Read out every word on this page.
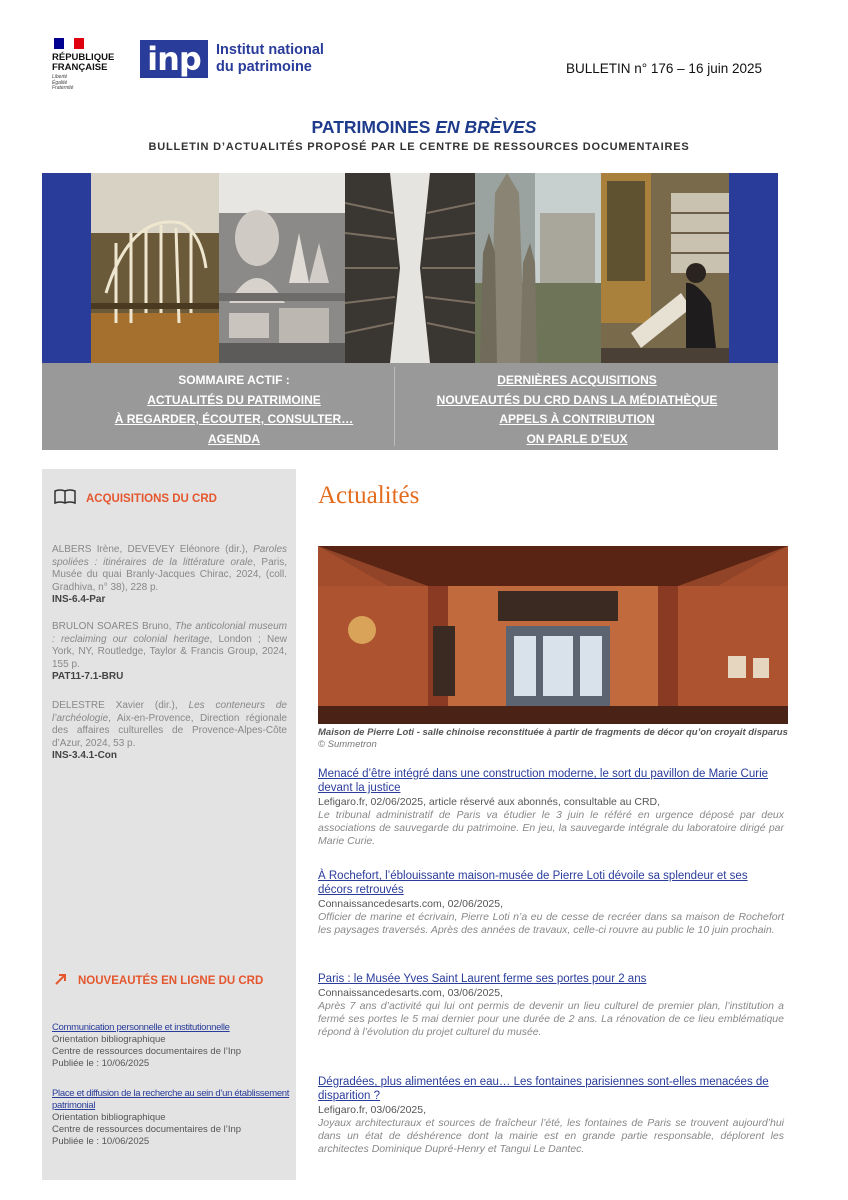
RÉPUBLIQUE
FRANÇAISE
Liberté
Égalité
Fraternité
inp	Institut national
du patrimoine	BULLETIN n° 176 – 16 juin 2025
PATRIMOINES EN BRÈVES
BULLETIN D’ACTUALITÉS PROPOSÉ PAR LE CENTRE DE RESSOURCES DOCUMENTAIRES
SOMMAIRE ACTIF :
ACTUALITÉS DU PATRIMOINE
À REGARDER, ÉCOUTER, CONSULTER…
AGENDA
DERNIÈRES ACQUISITIONS
NOUVEAUTÉS DU CRD DANS LA MÉDIATHÈQUE
APPELS À CONTRIBUTION
ON PARLE D’EUX
ACQUISITIONS DU CRD
ALBERS Irène, DEVEVEY Eléonore (dir.), Paroles spoliées : itinéraires de la littérature orale, Paris, Musée du quai Branly-Jacques Chirac, 2024, (coll. Gradhiva, n° 38), 228 p.
INS-6.4-Par
BRULON SOARES Bruno, The anticolonial museum : reclaiming our colonial heritage, London ; New York, NY, Routledge, Taylor & Francis Group, 2024, 155 p.
PAT11-7.1-BRU
DELESTRE Xavier (dir.), Les conteneurs de l’archéologie, Aix-en-Provence, Direction régionale des affaires culturelles de Provence-Alpes-Côte d’Azur, 2024, 53 p.
INS-3.4.1-Con
NOUVEAUTÉS EN LIGNE DU CRD
Communication personnelle et institutionnelle
Orientation bibliographique
Centre de ressources documentaires de l’Inp
Publiée le : 10/06/2025
Place et diffusion de la recherche au sein d’un établissement patrimonial
Orientation bibliographique
Centre de ressources documentaires de l’Inp
Publiée le : 10/06/2025
Actualités
Maison de Pierre Loti - salle chinoise reconstituée à partir de fragments de décor qu’on croyait disparus © Summetron
Menacé d’être intégré dans une construction moderne, le sort du pavillon de Marie Curie devant la justice
Lefigaro.fr, 02/06/2025, article réservé aux abonnés, consultable au CRD,
Le tribunal administratif de Paris va étudier le 3 juin le référé en urgence déposé par deux associations de sauvegarde du patrimoine. En jeu, la sauvegarde intégrale du laboratoire dirigé par Marie Curie.
À Rochefort, l’éblouissante maison-musée de Pierre Loti dévoile sa splendeur et ses décors retrouvés
Connaissancedesarts.com, 02/06/2025,
Officier de marine et écrivain, Pierre Loti n’a eu de cesse de recréer dans sa maison de Rochefort les paysages traversés. Après des années de travaux, celle-ci rouvre au public le 10 juin prochain.
Paris : le Musée Yves Saint Laurent ferme ses portes pour 2 ans
Connaissancedesarts.com, 03/06/2025,
Après 7 ans d’activité qui lui ont permis de devenir un lieu culturel de premier plan, l’institution a fermé ses portes le 5 mai dernier pour une durée de 2 ans. La rénovation de ce lieu emblématique répond à l’évolution du projet culturel du musée.
Dégradées, plus alimentées en eau… Les fontaines parisiennes sont-elles menacées de disparition ?
Lefigaro.fr, 03/06/2025,
Joyaux architecturaux et sources de fraîcheur l’été, les fontaines de Paris se trouvent aujourd’hui dans un état de déshérence dont la mairie est en grande partie responsable, déplorent les architectes Dominique Dupré-Henry et Tangui Le Dantec.
